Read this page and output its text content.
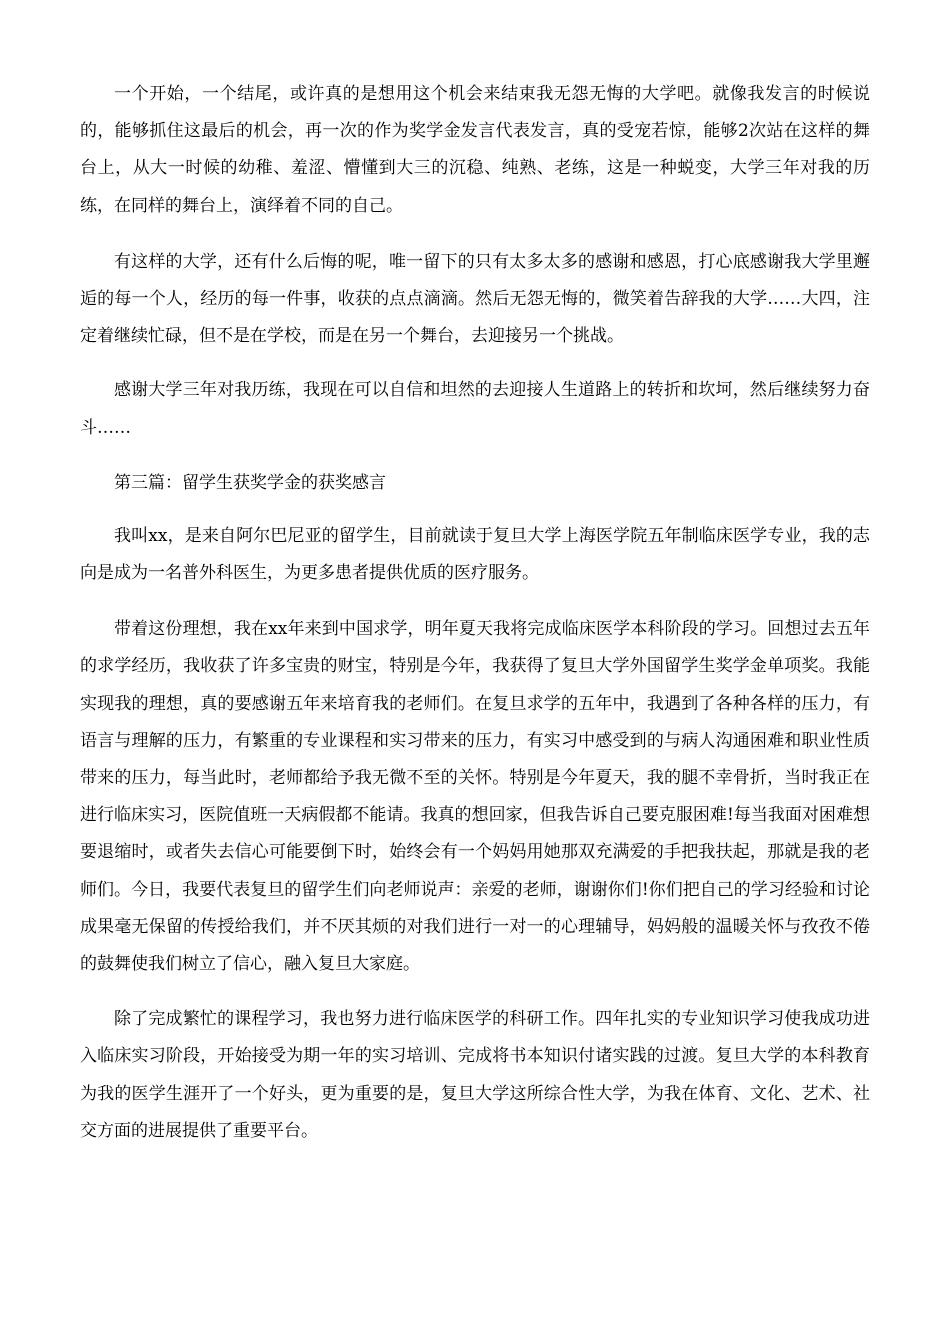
一个开始，一个结尾，或许真的是想用这个机会来结束我无怨无悔的大学吧。就像我发言的时候说的，能够抓住这最后的机会，再一次的作为奖学金发言代表发言，真的受宠若惊，能够2次站在这样的舞台上，从大一时候的幼稚、羞涩、懵懂到大三的沉稳、纯熟、老练，这是一种蜕变，大学三年对我的历练，在同样的舞台上，演绎着不同的自己。

有这样的大学，还有什么后悔的呢，唯一留下的只有太多太多的感谢和感恩，打心底感谢我大学里邂逅的每一个人，经历的每一件事，收获的点点滴滴。然后无怨无悔的，微笑着告辞我的大学……大四，注定着继续忙碌，但不是在学校，而是在另一个舞台，去迎接另一个挑战。

感谢大学三年对我历练，我现在可以自信和坦然的去迎接人生道路上的转折和坎坷，然后继续努力奋斗……

第三篇：留学生获奖学金的获奖感言

我叫xx，是来自阿尔巴尼亚的留学生，目前就读于复旦大学上海医学院五年制临床医学专业，我的志向是成为一名普外科医生，为更多患者提供优质的医疗服务。

带着这份理想，我在xx年来到中国求学，明年夏天我将完成临床医学本科阶段的学习。回想过去五年的求学经历，我收获了许多宝贵的财宝，特别是今年，我获得了复旦大学外国留学生奖学金单项奖。我能实现我的理想，真的要感谢五年来培育我的老师们。在复旦求学的五年中，我遇到了各种各样的压力，有语言与理解的压力，有繁重的专业课程和实习带来的压力，有实习中感受到的与病人沟通困难和职业性质带来的压力，每当此时，老师都给予我无微不至的关怀。特别是今年夏天，我的腿不幸骨折，当时我正在进行临床实习，医院值班一天病假都不能请。我真的想回家，但我告诉自己要克服困难!每当我面对困难想要退缩时，或者失去信心可能要倒下时，始终会有一个妈妈用她那双充满爱的手把我扶起，那就是我的老师们。今日，我要代表复旦的留学生们向老师说声：亲爱的老师，谢谢你们!你们把自己的学习经验和讨论成果毫无保留的传授给我们，并不厌其烦的对我们进行一对一的心理辅导，妈妈般的温暖关怀与孜孜不倦的鼓舞使我们树立了信心，融入复旦大家庭。

除了完成繁忙的课程学习，我也努力进行临床医学的科研工作。四年扎实的专业知识学习使我成功进入临床实习阶段，开始接受为期一年的实习培训、完成将书本知识付诸实践的过渡。复旦大学的本科教育为我的医学生涯开了一个好头，更为重要的是，复旦大学这所综合性大学，为我在体育、文化、艺术、社交方面的进展提供了重要平台。
